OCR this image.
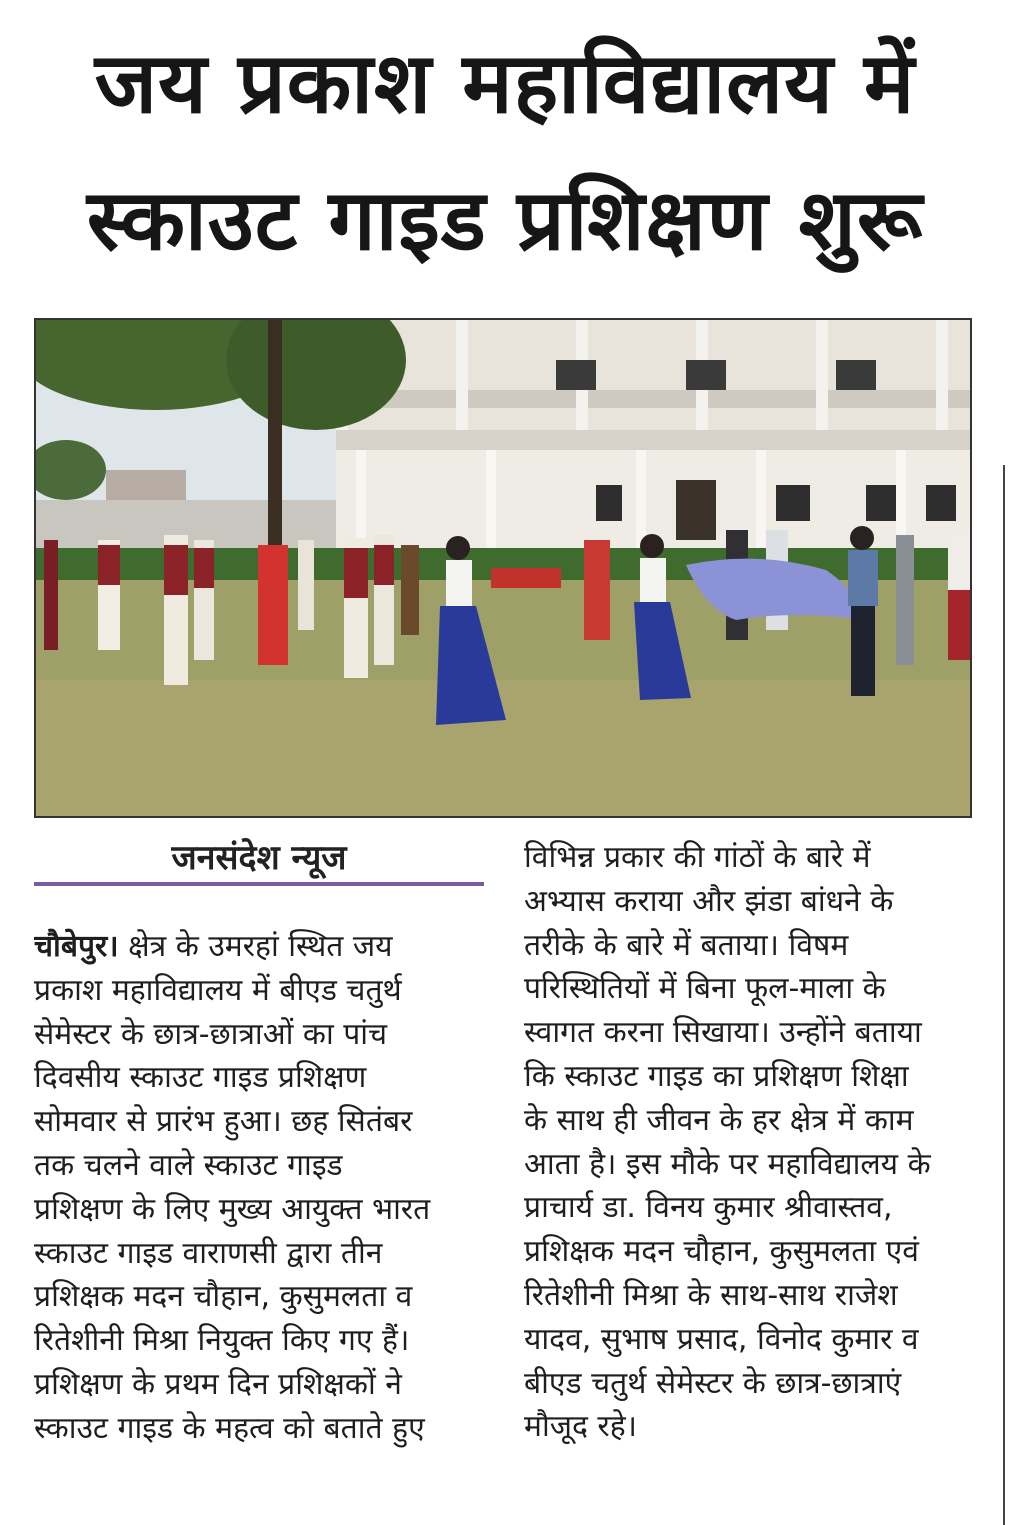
जय प्रकाश महाविद्यालय में
स्काउट गाइड प्रशिक्षण शुरू
जनसंदेश न्यूज
चौबेपुर। क्षेत्र के उमरहां स्थित जय
प्रकाश महाविद्यालय में बीएड चतुर्थ
सेमेस्टर के छात्र-छात्राओं का पांच
दिवसीय स्काउट गाइड प्रशिक्षण
सोमवार से प्रारंभ हुआ। छह सितंबर
तक चलने वाले स्काउट गाइड
प्रशिक्षण के लिए मुख्य आयुक्त भारत
स्काउट गाइड वाराणसी द्वारा तीन
प्रशिक्षक मदन चौहान, कुसुमलता व
रितेशीनी मिश्रा नियुक्त किए गए हैं।
प्रशिक्षण के प्रथम दिन प्रशिक्षकों ने
स्काउट गाइड के महत्व को बताते हुए
विभिन्न प्रकार की गांठों के बारे में
अभ्यास कराया और झंडा बांधने के
तरीके के बारे में बताया। विषम
परिस्थितियों में बिना फूल-माला के
स्वागत करना सिखाया। उन्होंने बताया
कि स्काउट गाइड का प्रशिक्षण शिक्षा
के साथ ही जीवन के हर क्षेत्र में काम
आता है। इस मौके पर महाविद्यालय के
प्राचार्य डा. विनय कुमार श्रीवास्तव,
प्रशिक्षक मदन चौहान, कुसुमलता एवं
रितेशीनी मिश्रा के साथ-साथ राजेश
यादव, सुभाष प्रसाद, विनोद कुमार व
बीएड चतुर्थ सेमेस्टर के छात्र-छात्राएं
मौजूद रहे।
